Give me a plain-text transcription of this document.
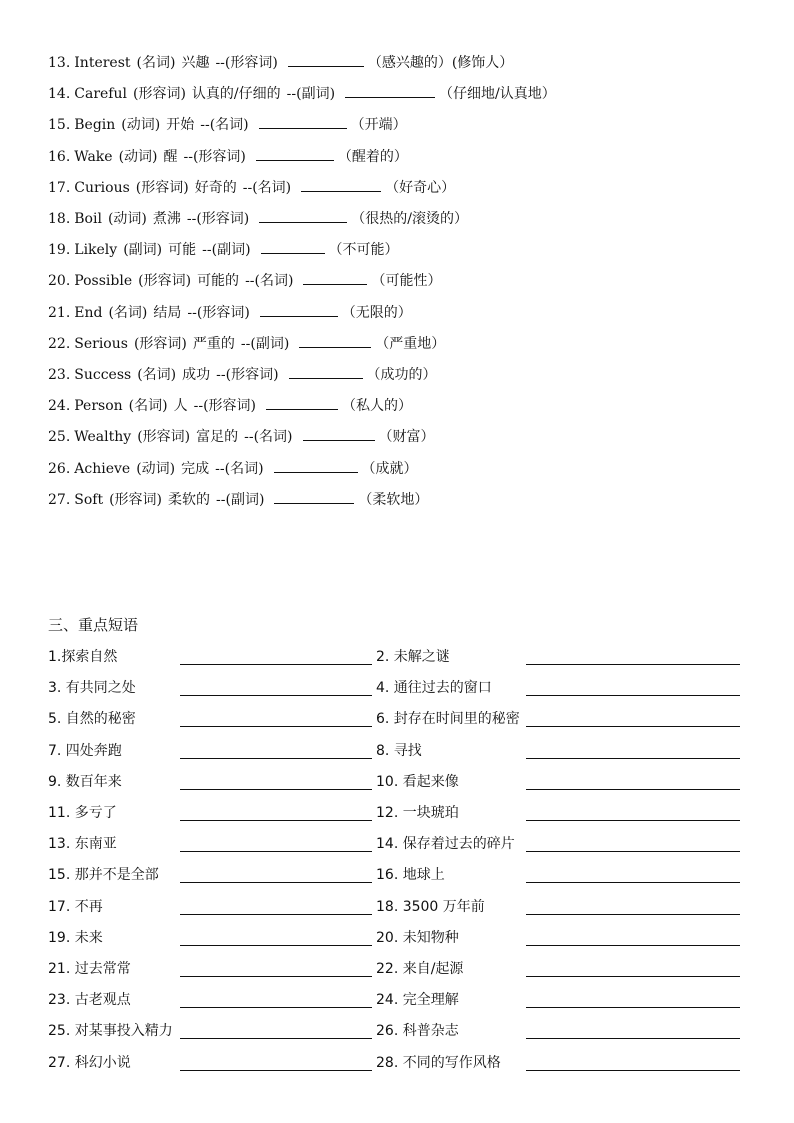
13. Interest (名词) 兴趣 --(形容词)	（感兴趣的）(修饰人）
14. Careful (形容词) 认真的/仔细的 --(副词)	（仔细地/认真地）
15. Begin (动词) 开始 --(名词)	（开端）
16. Wake (动词) 醒 --(形容词)	（醒着的）
17. Curious (形容词) 好奇的 --(名词)	（好奇心）
18. Boil (动词) 煮沸 --(形容词)	（很热的/滚烫的）
19. Likely (副词) 可能 --(副词)	（不可能）
20. Possible (形容词) 可能的 --(名词)	（可能性）
21. End (名词) 结局 --(形容词)	（无限的）
22. Serious (形容词) 严重的 --(副词)	（严重地）
23. Success (名词) 成功 --(形容词)	（成功的）
24. Person (名词) 人 --(形容词)	（私人的）
25. Wealthy (形容词) 富足的 --(名词)	（财富）
26. Achieve (动词) 完成 --(名词)	（成就）
27. Soft (形容词) 柔软的 --(副词)	（柔软地）
三、重点短语
1.探索自然	2. 未解之谜
3. 有共同之处	4. 通往过去的窗口
5. 自然的秘密	6. 封存在时间里的秘密
7. 四处奔跑	8. 寻找
9. 数百年来	10. 看起来像
11. 多亏了	12. 一块琥珀
13. 东南亚	14. 保存着过去的碎片
15. 那并不是全部	16. 地球上
17. 不再	18. 3500 万年前
19. 未来	20. 未知物种
21. 过去常常	22. 来自/起源
23. 古老观点	24. 完全理解
25. 对某事投入精力	26. 科普杂志
27. 科幻小说	28. 不同的写作风格
